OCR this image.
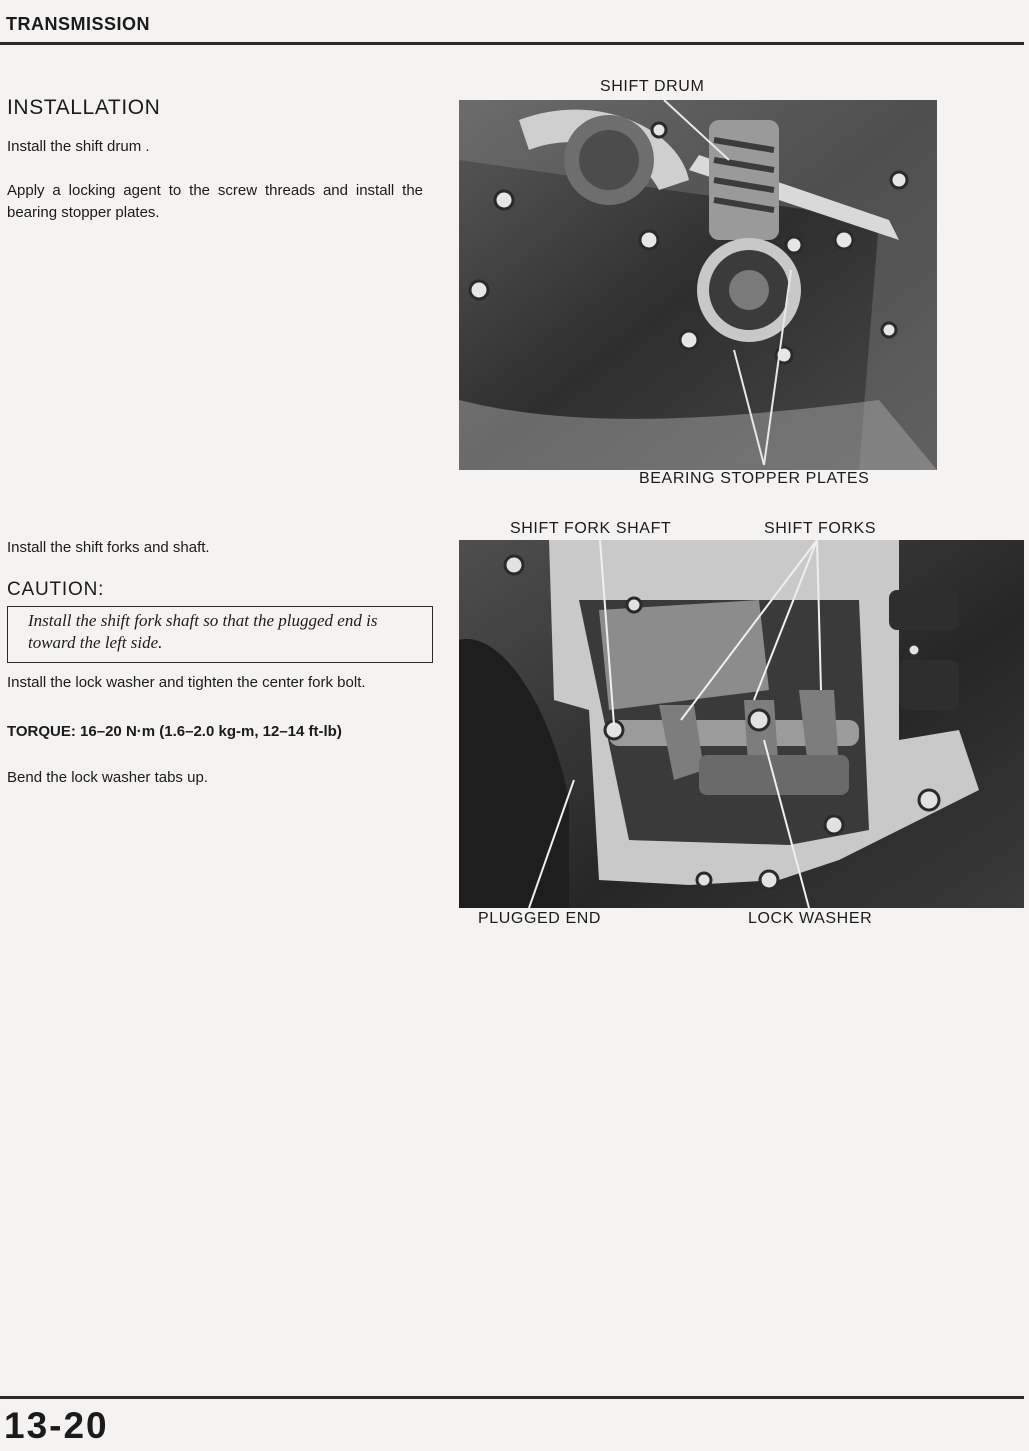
TRANSMISSION
INSTALLATION
Install the shift drum .
Apply a locking agent to the screw threads and install the bearing stopper plates.
Install the shift forks and shaft.
CAUTION:
Install the shift fork shaft so that the plugged end is toward the left side.
Install the lock washer and tighten the center fork bolt.
TORQUE: 16–20 N·m (1.6–2.0 kg-m, 12–14 ft-lb)
Bend the lock washer tabs up.
SHIFT DRUM
BEARING STOPPER PLATES
SHIFT FORK SHAFT	SHIFT FORKS
PLUGGED END	LOCK WASHER
13-20
